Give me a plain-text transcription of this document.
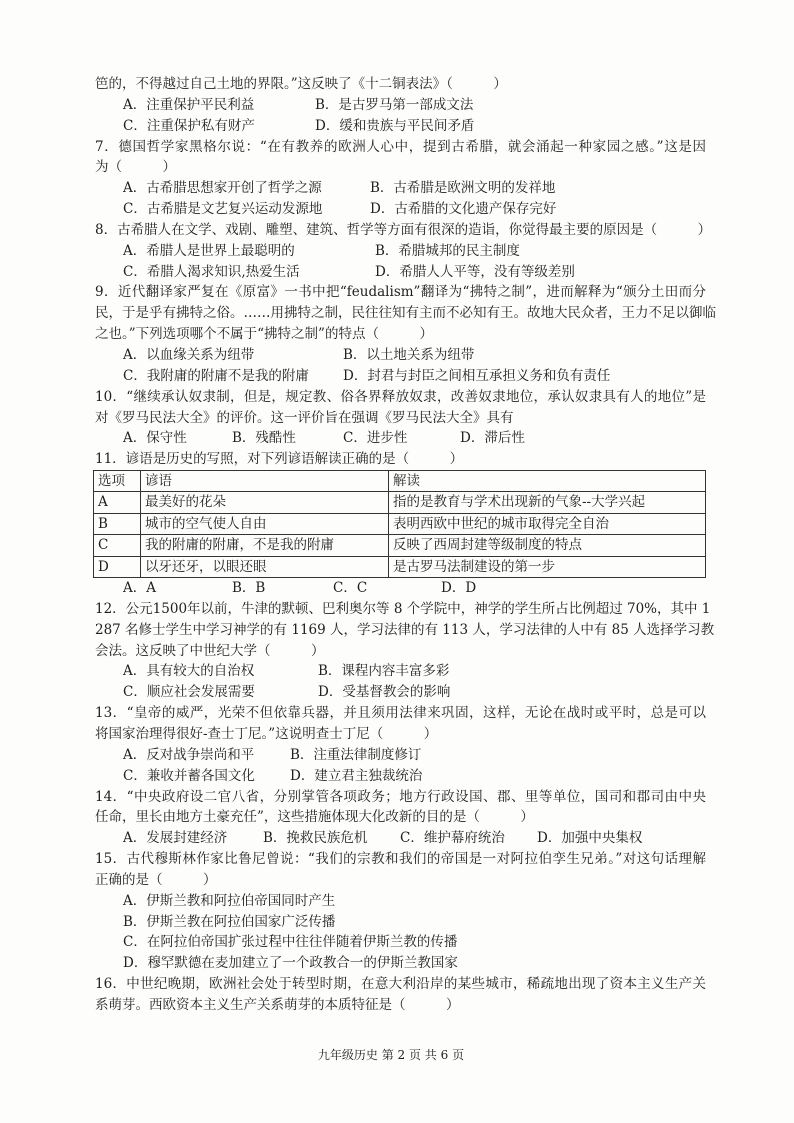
笆的，不得越过自己土地的界限。”这反映了《十二铜表法》（　　　）
A．注重保护平民利益	B．是古罗马第一部成文法
C．注重保护私有财产	D．缓和贵族与平民间矛盾
7．德国哲学家黑格尔说：“在有教养的欧洲人心中，提到古希腊，就会涌起一种家园之感。”这是因
为（　　　）
A．古希腊思想家开创了哲学之源	B．古希腊是欧洲文明的发祥地
C．古希腊是文艺复兴运动发源地	D．古希腊的文化遗产保存完好
8．古希腊人在文学、戏剧、雕塑、建筑、哲学等方面有很深的造诣，你觉得最主要的原因是（　　　）
A．希腊人是世界上最聪明的	B．希腊城邦的民主制度
C．希腊人渴求知识,热爱生活	D．希腊人人平等，没有等级差别
9．近代翻译家严复在《原富》一书中把“feudalism”翻译为“拂特之制”，进而解释为“颁分土田而分
民，于是乎有拂特之俗。……用拂特之制，民往往知有主而不必知有王。故地大民众者，王力不足以御临
之也。”下列选项哪个不属于“拂特之制”的特点（　　　）
A．以血缘关系为纽带	B．以土地关系为纽带
C．我附庸的附庸不是我的附庸	D．封君与封臣之间相互承担义务和负有责任
10．“继续承认奴隶制，但是，规定教、俗各界释放奴隶，改善奴隶地位，承认奴隶具有人的地位”是
对《罗马民法大全》的评价。这一评价旨在强调《罗马民法大全》具有
A．保守性	B．残酷性	C．进步性	D．滞后性
11．谚语是历史的写照，对下列谚语解读正确的是（　　　）
选项	谚语	解读
A	最美好的花朵	指的是教育与学术出现新的气象--大学兴起
B	城市的空气使人自由	表明西欧中世纪的城市取得完全自治
C	我的附庸的附庸，不是我的附庸	反映了西周封建等级制度的特点
D	以牙还牙，以眼还眼	是古罗马法制建设的第一步
A．A	B．B	C．C	D．D
12．公元1500年以前，牛津的默顿、巴利奥尔等 8 个学院中，神学的学生所占比例超过 70%，其中 1
287 名修士学生中学习神学的有 1169 人，学习法律的有 113 人，学习法律的人中有 85 人选择学习教
会法。这反映了中世纪大学（　　　）
A．具有较大的自治权	B．课程内容丰富多彩
C．顺应社会发展需要	D．受基督教会的影响
13．“皇帝的威严，光荣不但依靠兵器，并且须用法律来巩固，这样，无论在战时或平时，总是可以
将国家治理得很好-查士丁尼。”这说明查士丁尼（　　　）
A．反对战争崇尚和平	B．注重法律制度修订
C．兼收并蓄各国文化	D．建立君主独裁统治
14．“中央政府设二官八省，分别掌管各项政务；地方行政设国、郡、里等单位，国司和郡司由中央
任命，里长由地方土豪充任”，这些措施体现大化改新的目的是（　　　）
A．发展封建经济	B．挽救民族危机 C．维护幕府统治 D．加强中央集权
15．古代穆斯林作家比鲁尼曾说：“我们的宗教和我们的帝国是一对阿拉伯孪生兄弟。”对这句话理解
正确的是（　　　）
A．伊斯兰教和阿拉伯帝国同时产生
B．伊斯兰教在阿拉伯国家广泛传播
C．在阿拉伯帝国扩张过程中往往伴随着伊斯兰教的传播
D．穆罕默德在麦加建立了一个政教合一的伊斯兰教国家
16．中世纪晚期，欧洲社会处于转型时期，在意大利沿岸的某些城市，稀疏地出现了资本主义生产关
系萌芽。西欧资本主义生产关系萌芽的本质特征是（　　　）
九年级历史 第 2 页 共 6 页
